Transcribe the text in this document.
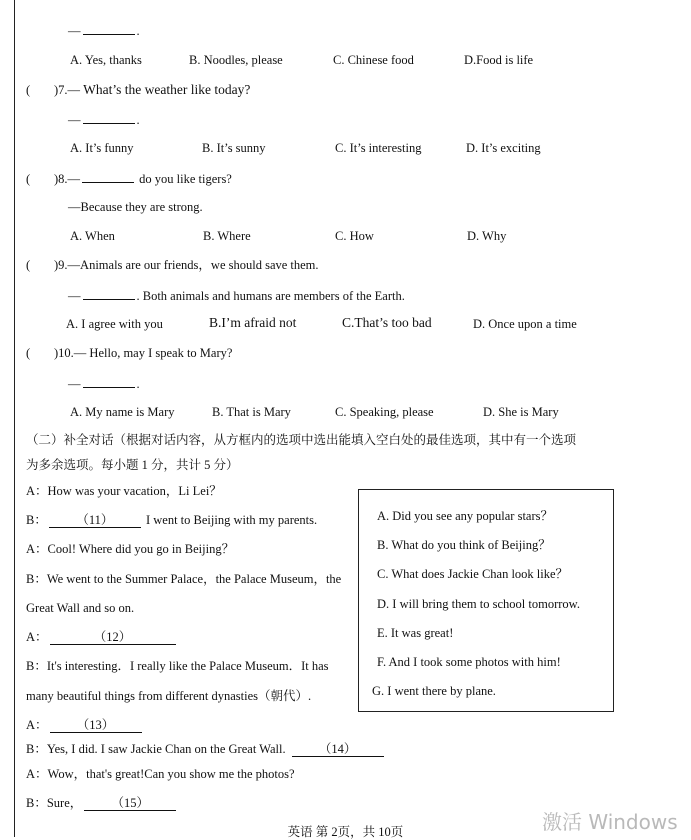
—	.
A. Yes, thanks	B. Noodles, please	C. Chinese food	D.Food is life
( )7.— What’s the weather like today?
—	.
A. It’s funny	B. It’s sunny	C. It’s interesting	D. It’s exciting
( )8.—	do you like tigers?
—Because they are strong.
A. When	B. Where	C. How	D. Why
( )9.—Animals are our friends，we should save them.
—	. Both animals and humans are members of the Earth.
A. I agree with you	B.I’m afraid not	C.That’s too bad	D. Once upon a time
( )10.— Hello, may I speak to Mary?
—	.
A. My name is Mary	B. That is Mary	C. Speaking, please	D. She is Mary
（二）补全对话（根据对话内容，从方框内的选项中选出能填入空白处的最佳选项，其中有一个选项
为多余选项。每小题 1 分，共计 5 分）
A：How was your vacation，Li Lei？
B： （11） I went to Beijing with my parents.
A：Cool! Where did you go in Beijing？
B：We went to the Summer Palace，the Palace Museum，the
Great Wall and so on.
A：	（12）
B：It's interesting．I really like the Palace Museum．It has
many beautiful things from different dynasties（朝代）.
A： （13）
B：Yes, I did. I saw Jackie Chan on the Great Wall.	（14）
A：Wow，that's great!Can you show me the photos?
B：Sure， （15）
A. Did you see any popular stars？
B. What do you think of Beijing？
C. What does Jackie Chan look like？
D. I will bring them to school tomorrow.
E. It was great!
F. And I took some photos with him!
G. I went there by plane.
英语 第 2页，共 10页	激活 Windows
